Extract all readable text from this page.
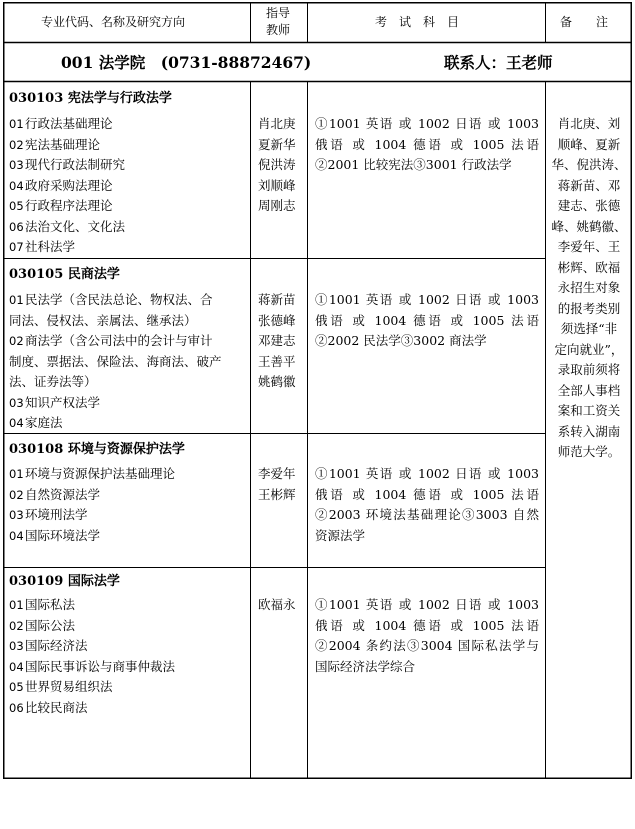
专业代码、名称及研究方向
指导
教师
考　试　科　目	备　　注
001 法学院　(0731-88872467)	联系人：王老师
030103 宪法学与行政法学
01行政法基础理论
02宪法基础理论
03现代行政法制研究
04政府采购法理论
05行政程序法理论
06法治文化、文化法
07社科法学
肖北庚
夏新华
倪洪涛
刘顺峰
周刚志
①1001 英语 或 1002 日语 或 1003
俄语 或 1004 德语 或 1005 法语
②2001 比较宪法③3001 行政法学
030105 民商法学
01民法学（含民法总论、物权法、合
同法、侵权法、亲属法、继承法）
02商法学（含公司法中的会计与审计
制度、票据法、保险法、海商法、破产
法、证券法等）
03知识产权法学
04家庭法
蒋新苗
张德峰
邓建志
王善平
姚鹤徽
①1001 英语 或 1002 日语 或 1003
俄语 或 1004 德语 或 1005 法语
②2002 民法学③3002 商法学
030108 环境与资源保护法学
01环境与资源保护法基础理论
02自然资源法学
03环境刑法学
04国际环境法学
李爱年
王彬辉
①1001 英语 或 1002 日语 或 1003
俄语 或 1004 德语 或 1005 法语
②2003 环境法基础理论③3003 自然
资源法学
030109 国际法学
01国际私法
02国际公法
03国际经济法
04国际民事诉讼与商事仲裁法
05世界贸易组织法
06比较民商法
欧福永 ①1001 英语 或 1002 日语 或 1003
俄语 或 1004 德语 或 1005 法语
②2004 条约法③3004 国际私法学与
国际经济法学综合
肖北庚、刘
顺峰、夏新
华、倪洪涛、
蒋新苗、邓
建志、张德
峰、姚鹤徽、
李爱年、王
彬辉、欧福
永招生对象
的报考类别
须选择“非
定向就业”，
录取前须将
全部人事档
案和工资关
系转入湖南
师范大学。
